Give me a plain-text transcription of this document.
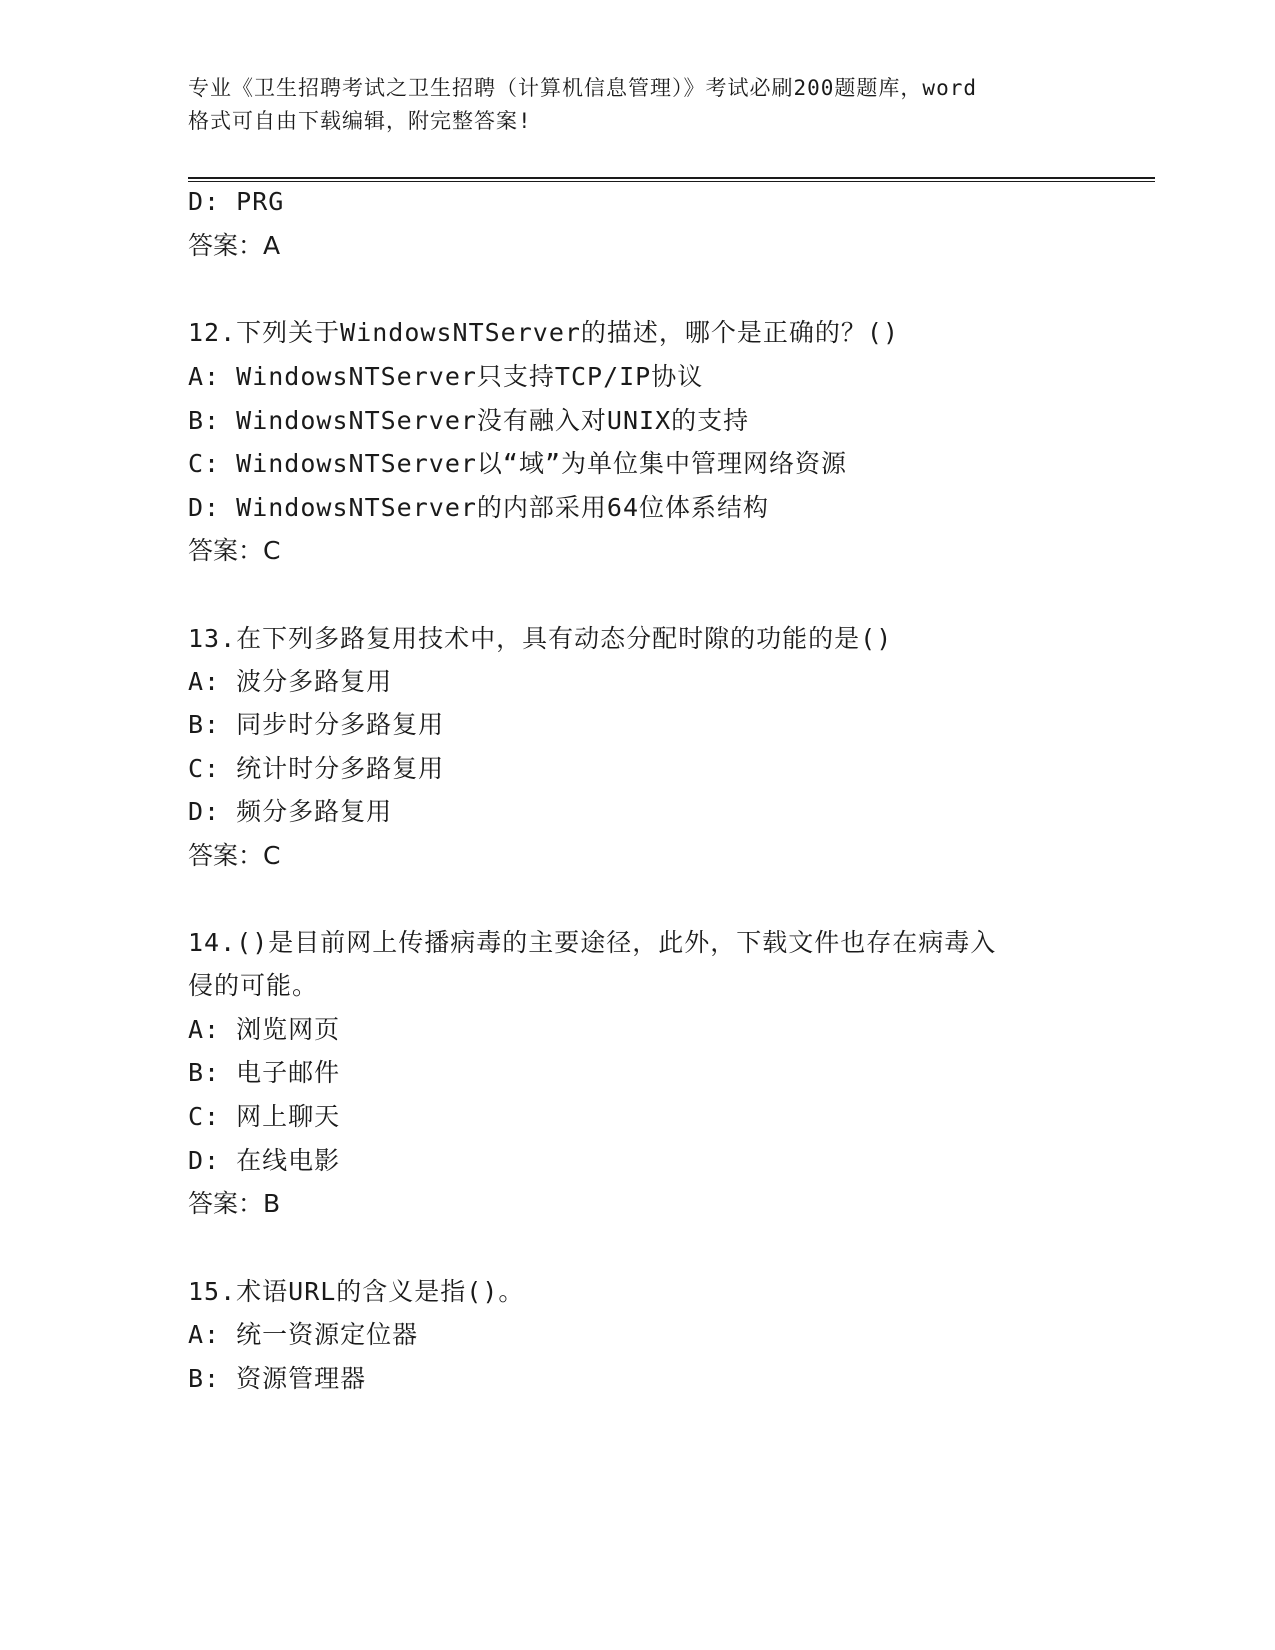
专业《卫生招聘考试之卫生招聘（计算机信息管理）》考试必刷200题题库，word
格式可自由下载编辑，附完整答案!
D: PRG
答案：A
12.下列关于WindowsNTServer的描述，哪个是正确的？()
A: WindowsNTServer只支持TCP/IP协议
B: WindowsNTServer没有融入对UNIX的支持
C: WindowsNTServer以“域”为单位集中管理网络资源
D: WindowsNTServer的内部采用64位体系结构
答案：C
13.在下列多路复用技术中，具有动态分配时隙的功能的是()
A: 波分多路复用
B: 同步时分多路复用
C: 统计时分多路复用
D: 频分多路复用
答案：C
14.()是目前网上传播病毒的主要途径，此外，下载文件也存在病毒入
侵的可能。
A: 浏览网页
B: 电子邮件
C: 网上聊天
D: 在线电影
答案：B
15.术语URL的含义是指()。
A: 统一资源定位器
B: 资源管理器
